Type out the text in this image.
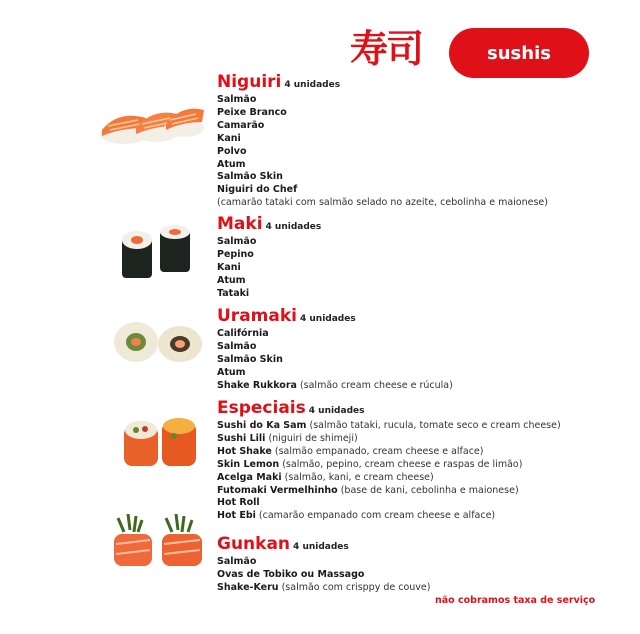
寿司	sushis
Niguiri 4 unidades
Salmão
Peixe Branco
Camarão
Kani
Polvo
Atum
Salmão Skin
Niguiri do Chef
(camarão tataki com salmão selado no azeite, cebolinha e maionese)
Maki 4 unidades
Salmão
Pepino
Kani
Atum
Tataki
Uramaki 4 unidades
Califórnia
Salmão
Salmão Skin
Atum
Shake Rukkora (salmão cream cheese e rúcula)
Especiais 4 unidades
Sushi do Ka Sam (salmão tataki, rucula, tomate seco e cream cheese)
Sushi Lili (niguiri de shimeji)
Hot Shake (salmão empanado, cream cheese e alface)
Skin Lemon (salmão, pepino, cream cheese e raspas de limão)
Acelga Maki (salmão, kani, e cream cheese)
Futomaki Vermelhinho (base de kani, cebolinha e maionese)
Hot Roll
Hot Ebi (camarão empanado com cream cheese e alface)
Gunkan 4 unidades
Salmão
Ovas de Tobiko ou Massago
Shake-Keru (salmão com crisppy de couve)
não cobramos taxa de serviço
